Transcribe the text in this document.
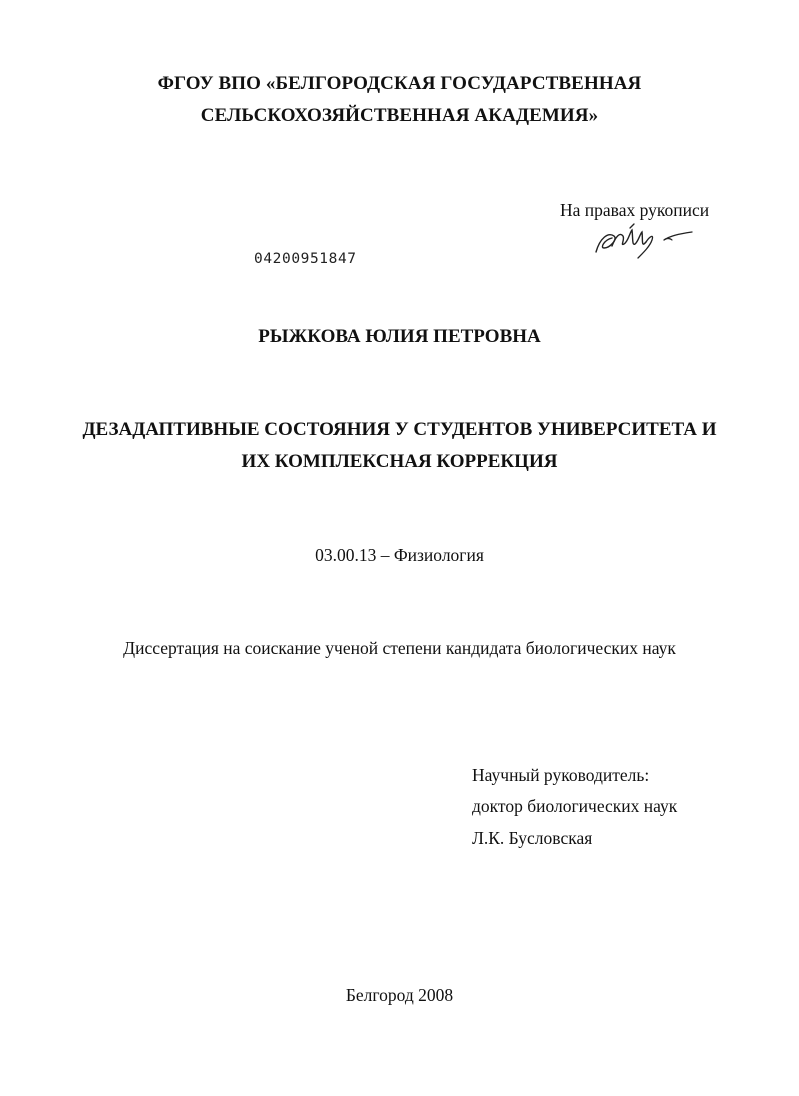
ФГОУ ВПО «БЕЛГОРОДСКАЯ ГОСУДАРСТВЕННАЯ
СЕЛЬСКОХОЗЯЙСТВЕННАЯ АКАДЕМИЯ»
На правах рукописи
04200951847
РЫЖКОВА ЮЛИЯ ПЕТРОВНА
ДЕЗАДАПТИВНЫЕ СОСТОЯНИЯ У СТУДЕНТОВ УНИВЕРСИТЕТА И
ИХ КОМПЛЕКСНАЯ КОРРЕКЦИЯ
03.00.13 – Физиология
Диссертация на соискание ученой степени кандидата биологических наук
Научный руководитель:
доктор биологических наук
Л.К. Бусловская
Белгород 2008
